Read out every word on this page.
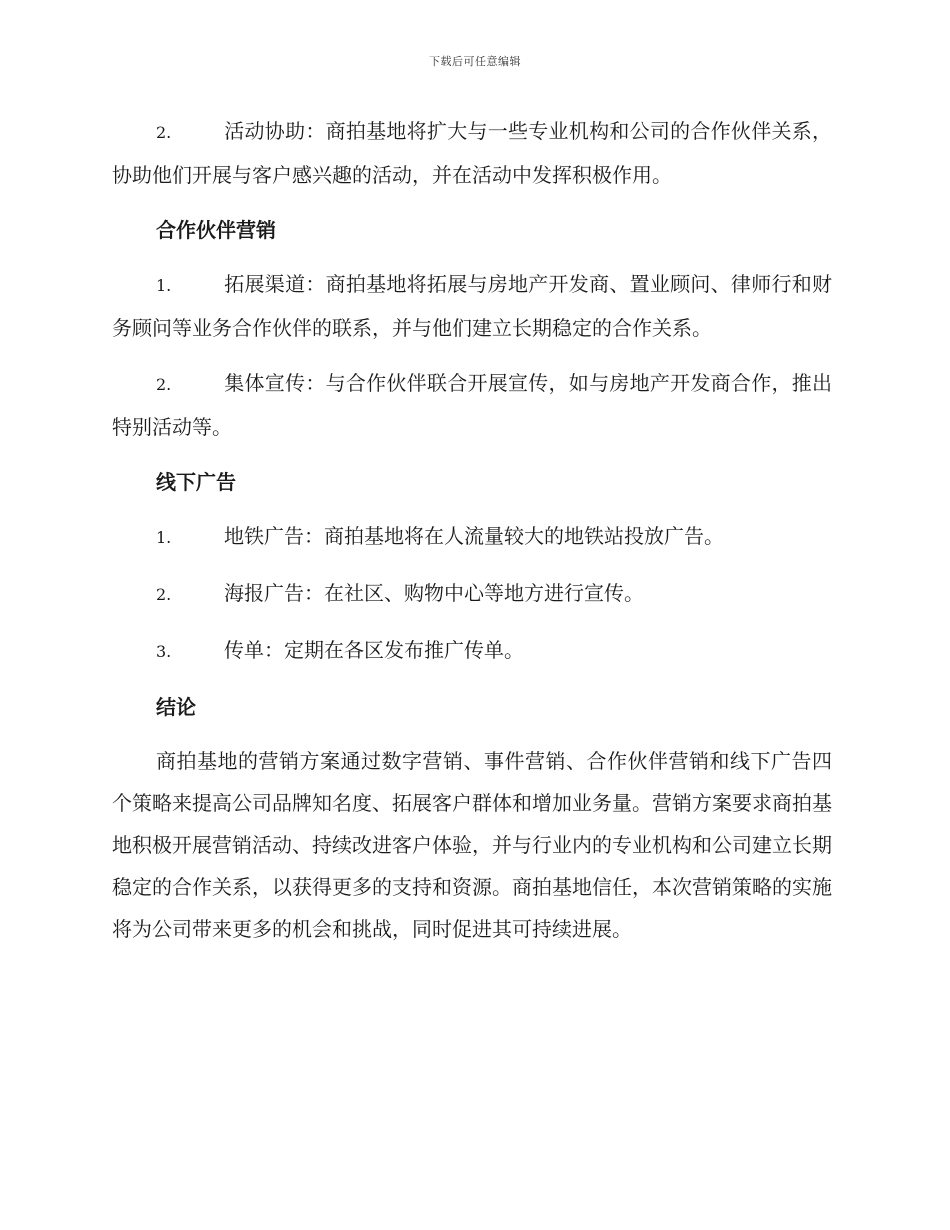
下载后可任意编辑

2.	活动协助：商拍基地将扩大与一些专业机构和公司的合作伙伴关系，协助他们开展与客户感兴趣的活动，并在活动中发挥积极作用。

合作伙伴营销

1.	拓展渠道：商拍基地将拓展与房地产开发商、置业顾问、律师行和财务顾问等业务合作伙伴的联系，并与他们建立长期稳定的合作关系。

2.	集体宣传：与合作伙伴联合开展宣传，如与房地产开发商合作，推出特别活动等。

线下广告

1.	地铁广告：商拍基地将在人流量较大的地铁站投放广告。

2.	海报广告：在社区、购物中心等地方进行宣传。

3.	传单：定期在各区发布推广传单。

结论

商拍基地的营销方案通过数字营销、事件营销、合作伙伴营销和线下广告四个策略来提高公司品牌知名度、拓展客户群体和增加业务量。营销方案要求商拍基地积极开展营销活动、持续改进客户体验，并与行业内的专业机构和公司建立长期稳定的合作关系，以获得更多的支持和资源。商拍基地信任，本次营销策略的实施将为公司带来更多的机会和挑战，同时促进其可持续进展。
